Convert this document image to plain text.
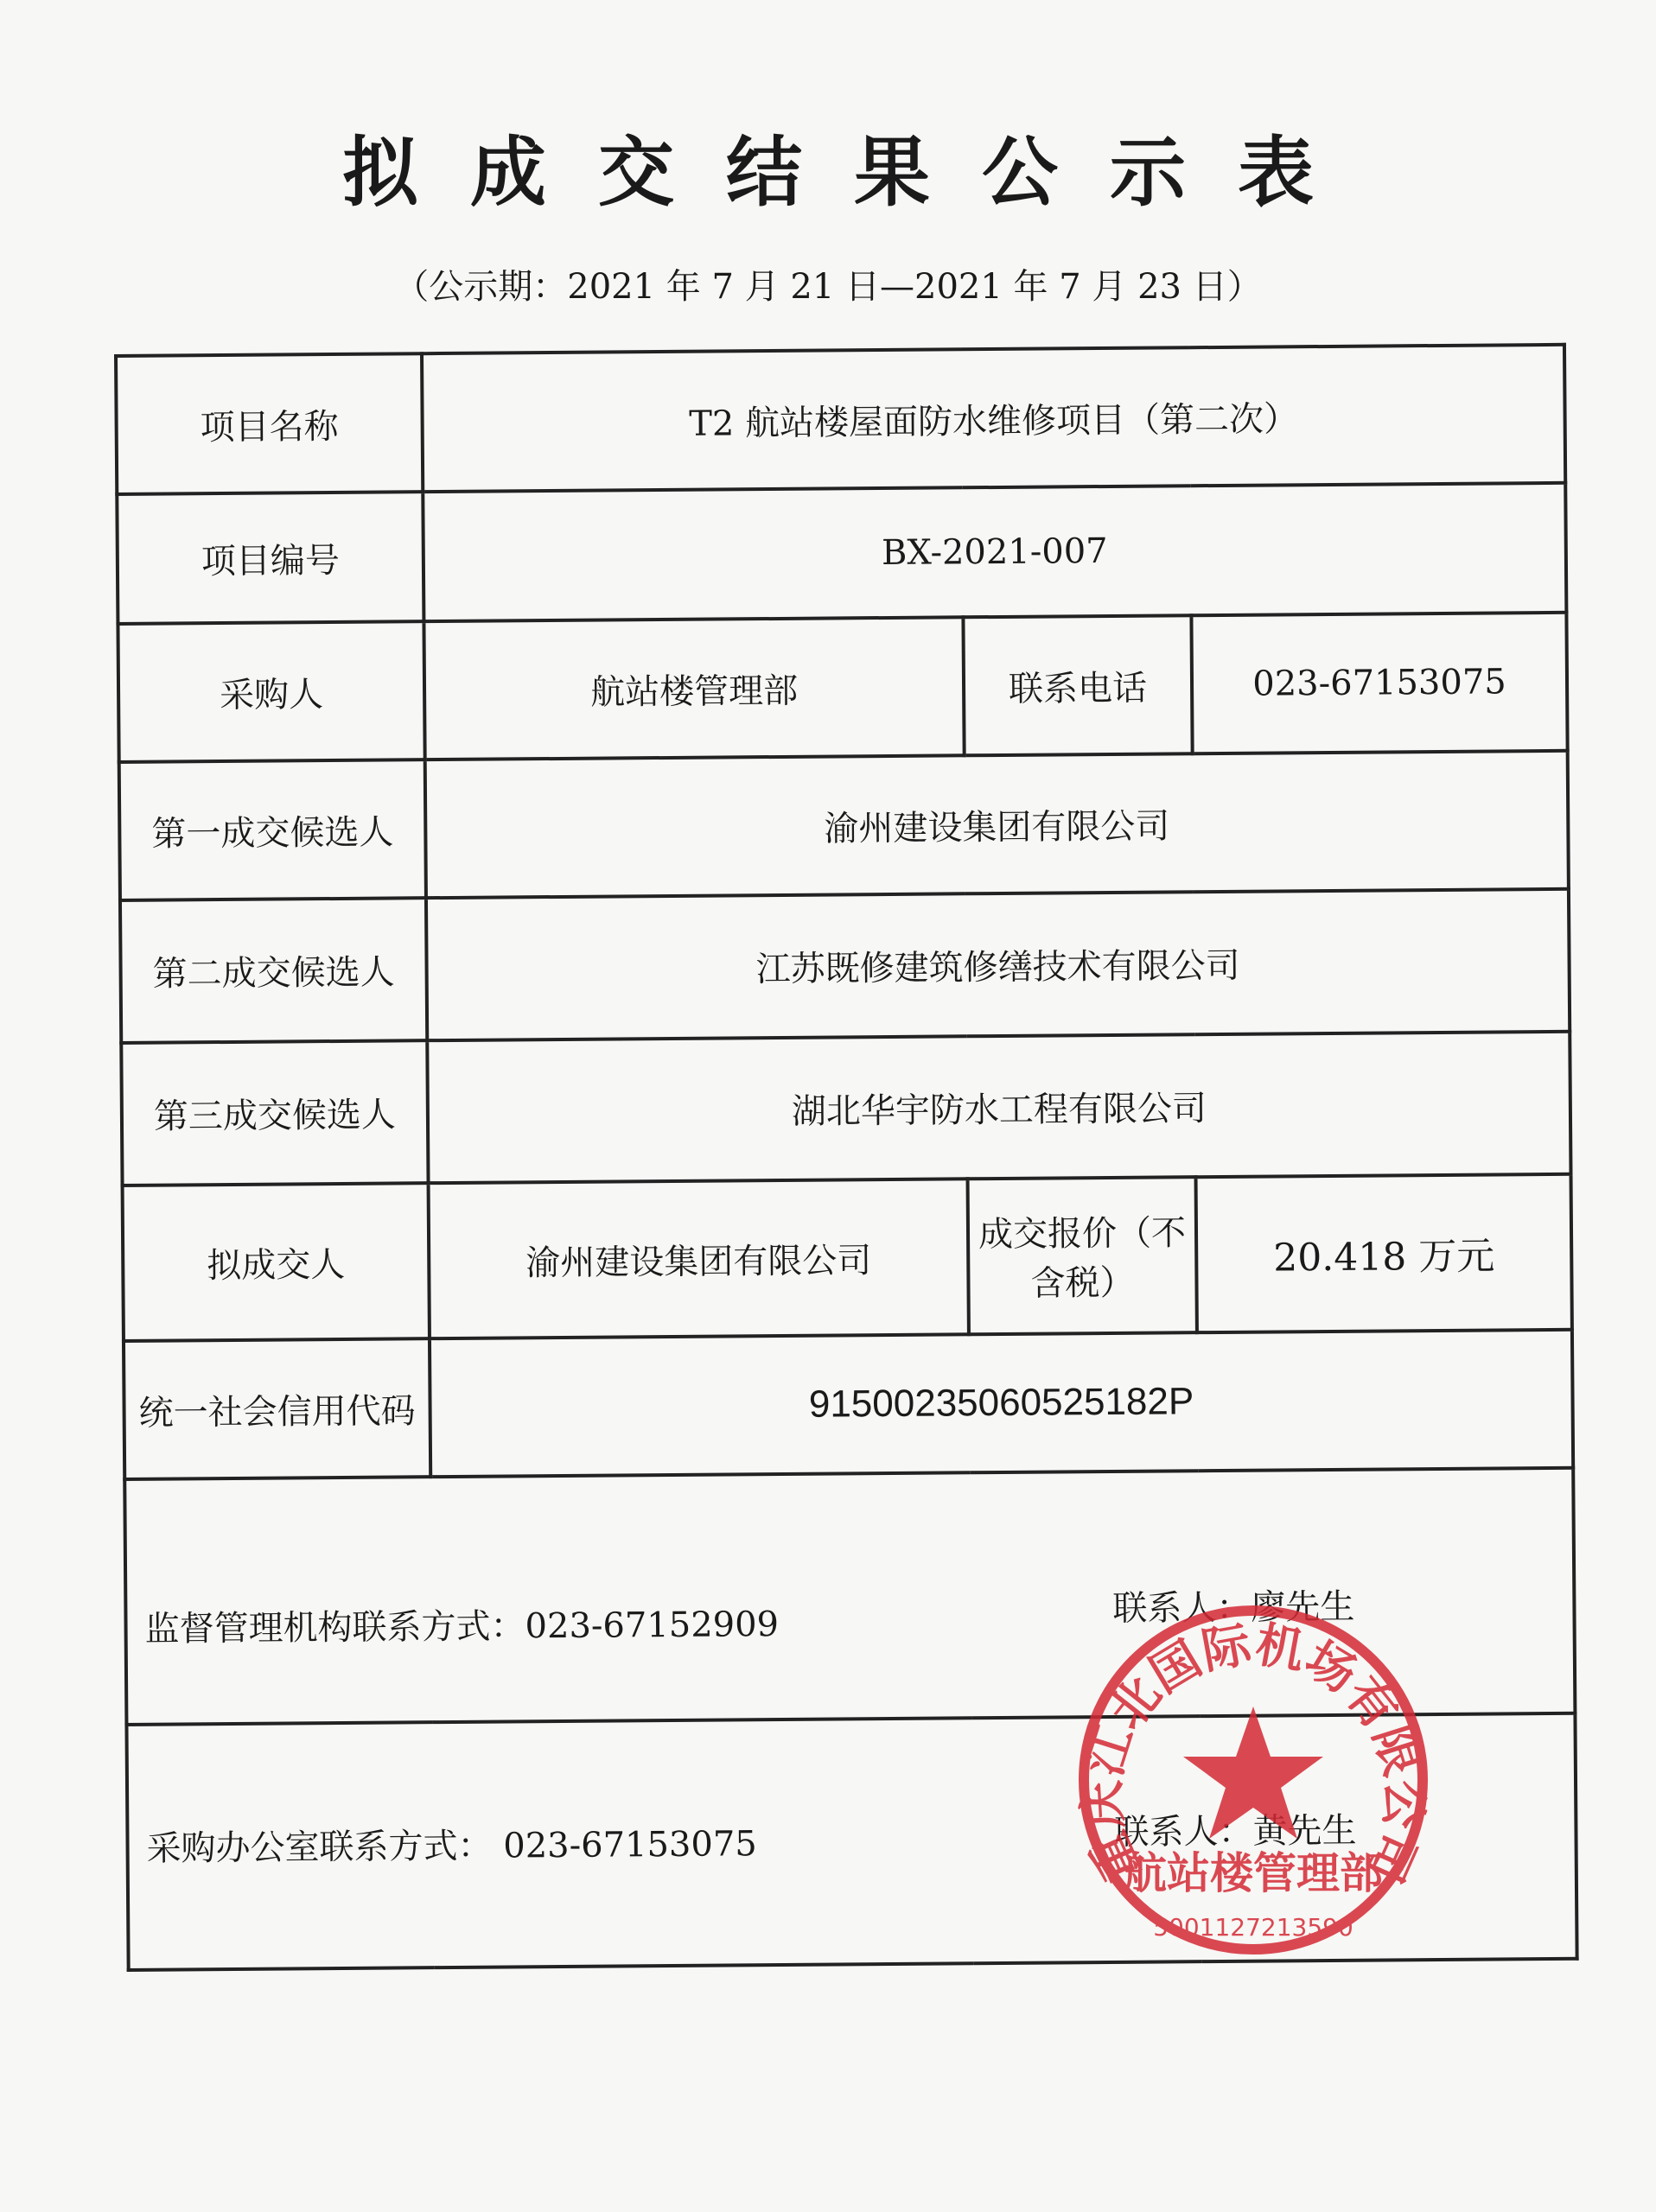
拟成交结果公示表
（公示期：2021 年 7 月 21 日—2021 年 7 月 23 日）
项目名称	T2 航站楼屋面防水维修项目（第二次）		
项目编号	BX-2021-007		
采购人	航站楼管理部	联系电话	023-67153075
第一成交候选人	渝州建设集团有限公司		
第二成交候选人	江苏既修建筑修缮技术有限公司		
第三成交候选人	湖北华宇防水工程有限公司		
拟成交人	渝州建设集团有限公司	成交报价（不含税）	20.418 万元
统一社会信用代码	91500235060525182P		

监督管理机构联系方式：023-67152909 联系人：廖先生			

采购办公室联系方式： 023-67153075 联系人：黄先生			
重庆江北国际机场有限公司
航站楼管理部
5001127213590
